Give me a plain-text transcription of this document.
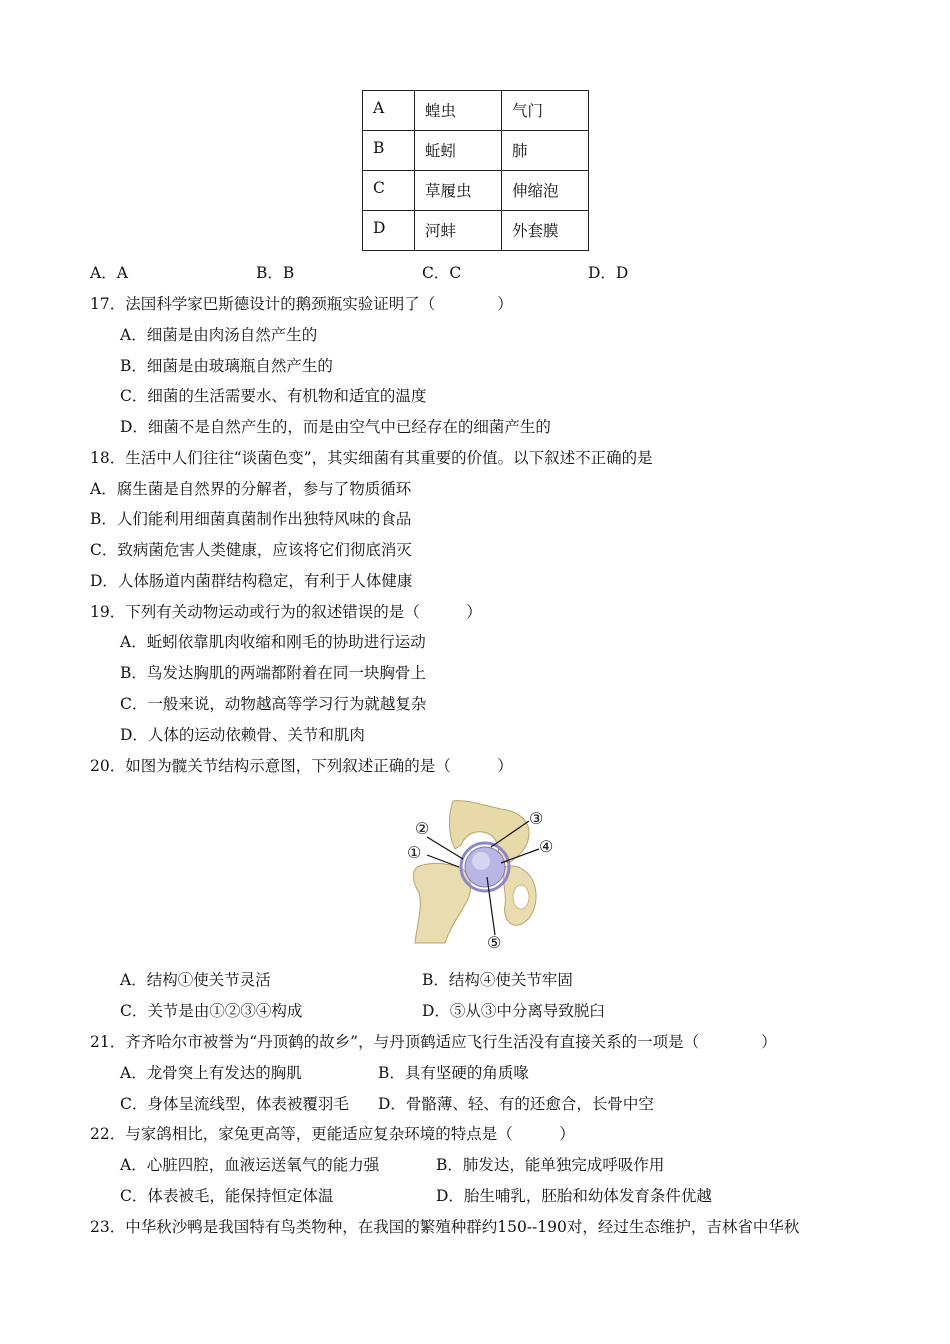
A	蝗虫	气门
B	蚯蚓	肺
C	草履虫	伸缩泡
D	河蚌	外套膜
A．A	B．B	C．C	D．D
17．法国科学家巴斯德设计的鹅颈瓶实验证明了（　　　　）
A．细菌是由肉汤自然产生的
B．细菌是由玻璃瓶自然产生的
C．细菌的生活需要水、有机物和适宜的温度
D．细菌不是自然产生的，而是由空气中已经存在的细菌产生的
18．生活中人们往往“谈菌色变”，其实细菌有其重要的价值。以下叙述不正确的是
A．腐生菌是自然界的分解者，参与了物质循环
B．人们能利用细菌真菌制作出独特风味的食品
C．致病菌危害人类健康，应该将它们彻底消灭
D．人体肠道内菌群结构稳定，有利于人体健康
19．下列有关动物运动或行为的叙述错误的是（　　　）
A．蚯蚓依靠肌肉收缩和刚毛的协助进行运动
B．鸟发达胸肌的两端都附着在同一块胸骨上
C．一般来说，动物越高等学习行为就越复杂
D．人体的运动依赖骨、关节和肌肉
20．如图为髋关节结构示意图，下列叙述正确的是（　　　）
②
①
③
④
⑤
A．结构①使关节灵活	B．结构④使关节牢固
C．关节是由①②③④构成	D．⑤从③中分离导致脱臼
21．齐齐哈尔市被誉为“丹顶鹤的故乡”，与丹顶鹤适应飞行生活没有直接关系的一项是（　　　　）
A．龙骨突上有发达的胸肌	B．具有坚硬的角质喙
C．身体呈流线型，体表被覆羽毛 D．骨骼薄、轻、有的还愈合，长骨中空
22．与家鸽相比，家兔更高等，更能适应复杂环境的特点是（　　　）
A．心脏四腔，血液运送氧气的能力强	B．肺发达，能单独完成呼吸作用
C．体表被毛，能保持恒定体温	D．胎生哺乳，胚胎和幼体发育条件优越
23．中华秋沙鸭是我国特有鸟类物种，在我国的繁殖种群约150--190对，经过生态维护，吉林省中华秋
